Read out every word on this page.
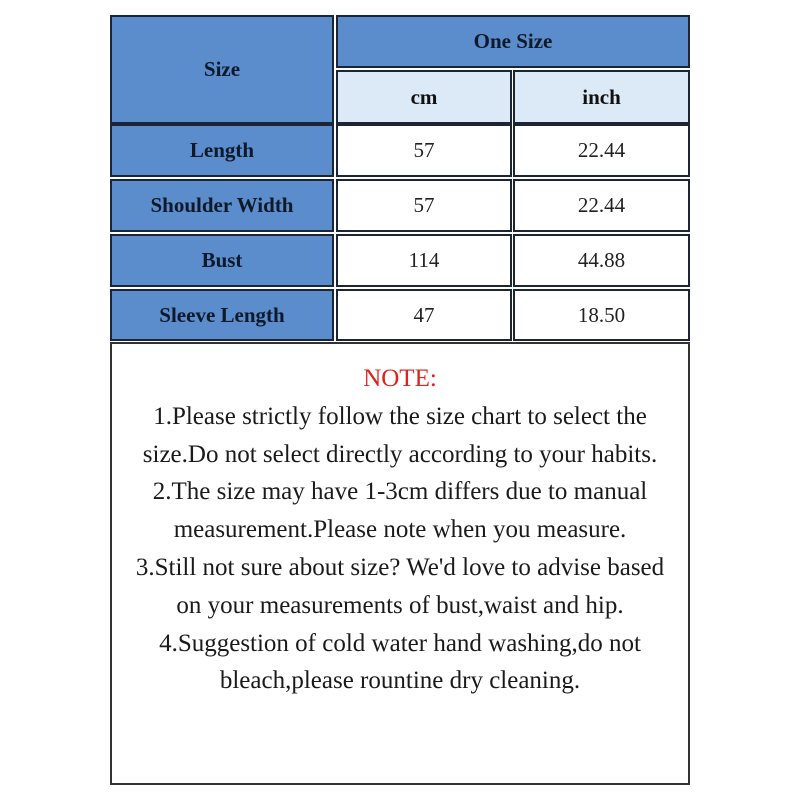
Size
One Size
cm	inch
Length	57	22.44
Shoulder Width	57	22.44
Bust	114	44.88
Sleeve Length	47	18.50
NOTE:
1.Please strictly follow the size chart to select the size.Do not select directly according to your habits.
2.The size may have 1-3cm differs due to manual measurement.Please note when you measure.
3.Still not sure about size? We'd love to advise based on your measurements of bust,waist and hip.
4.Suggestion of cold water hand washing,do not bleach,please rountine dry cleaning.
